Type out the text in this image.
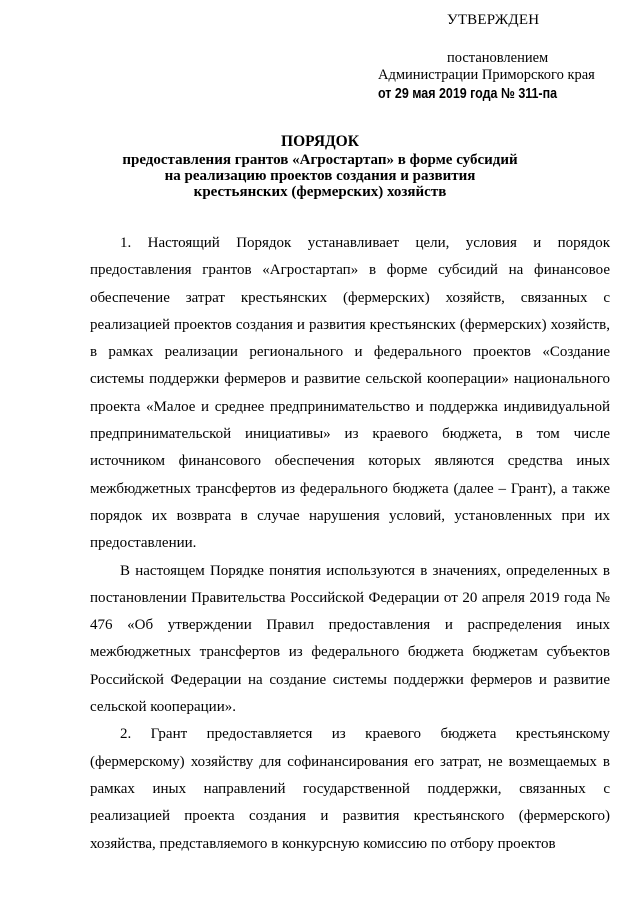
УТВЕРЖДЕН
постановлением
Администрации Приморского края
от 29 мая 2019 года № 311-па
ПОРЯДОК
предоставления грантов «Агростартап» в форме субсидий
на реализацию проектов создания и развития
крестьянских (фермерских) хозяйств

1. Настоящий Порядок устанавливает цели, условия и порядок предоставления грантов «Агростартап» в форме субсидий на финансовое обеспечение затрат крестьянских (фермерских) хозяйств, связанных с реализацией проектов создания и развития крестьянских (фермерских) хозяйств, в рамках реализации регионального и федерального проектов «Создание системы поддержки фермеров и развитие сельской кооперации» национального проекта «Малое и среднее предпринимательство и поддержка индивидуальной предпринимательской инициативы» из краевого бюджета, в том числе источником финансового обеспечения которых являются средства иных межбюджетных трансфертов из федерального бюджета (далее – Грант), а также порядок их возврата в случае нарушения условий, установленных при их предоставлении.

В настоящем Порядке понятия используются в значениях, определенных в постановлении Правительства Российской Федерации от 20 апреля 2019 года № 476 «Об утверждении Правил предоставления и распределения иных межбюджетных трансфертов из федерального бюджета бюджетам субъектов Российской Федерации на создание системы поддержки фермеров и развитие сельской кооперации».

2. Грант предоставляется из краевого бюджета крестьянскому (фермерскому) хозяйству для софинансирования его затрат, не возмещаемых в рамках иных направлений государственной поддержки, связанных с реализацией проекта создания и развития крестьянского (фермерского) хозяйства, представляемого в конкурсную комиссию по отбору проектов
